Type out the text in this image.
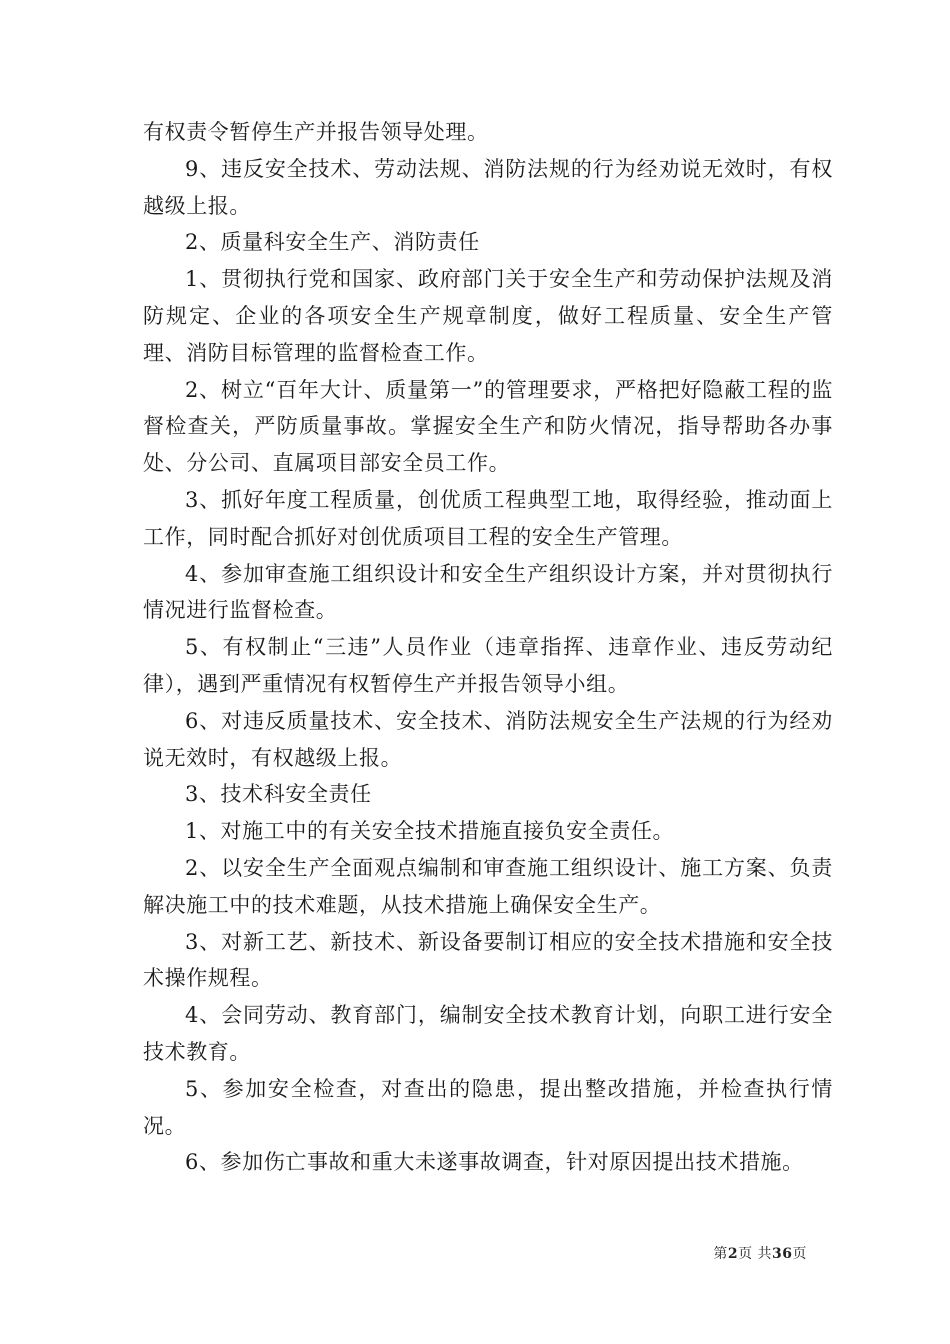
有权责令暂停生产并报告领导处理。

9、违反安全技术、劳动法规、消防法规的行为经劝说无效时，有权越级上报。

2、质量科安全生产、消防责任

1、贯彻执行党和国家、政府部门关于安全生产和劳动保护法规及消防规定、企业的各项安全生产规章制度，做好工程质量、安全生产管理、消防目标管理的监督检查工作。

2、树立“百年大计、质量第一”的管理要求，严格把好隐蔽工程的监督检查关，严防质量事故。掌握安全生产和防火情况，指导帮助各办事处、分公司、直属项目部安全员工作。

3、抓好年度工程质量，创优质工程典型工地，取得经验，推动面上工作，同时配合抓好对创优质项目工程的安全生产管理。

4、参加审查施工组织设计和安全生产组织设计方案，并对贯彻执行情况进行监督检查。

5、有权制止“三违”人员作业（违章指挥、违章作业、违反劳动纪律），遇到严重情况有权暂停生产并报告领导小组。

6、对违反质量技术、安全技术、消防法规安全生产法规的行为经劝说无效时，有权越级上报。

3、技术科安全责任

1、对施工中的有关安全技术措施直接负安全责任。

2、以安全生产全面观点编制和审查施工组织设计、施工方案、负责解决施工中的技术难题，从技术措施上确保安全生产。

3、对新工艺、新技术、新设备要制订相应的安全技术措施和安全技术操作规程。

4、会同劳动、教育部门，编制安全技术教育计划，向职工进行安全技术教育。

5、参加安全检查，对查出的隐患，提出整改措施，并检查执行情况。

6、参加伤亡事故和重大未遂事故调查，针对原因提出技术措施。

第2页 共36页
